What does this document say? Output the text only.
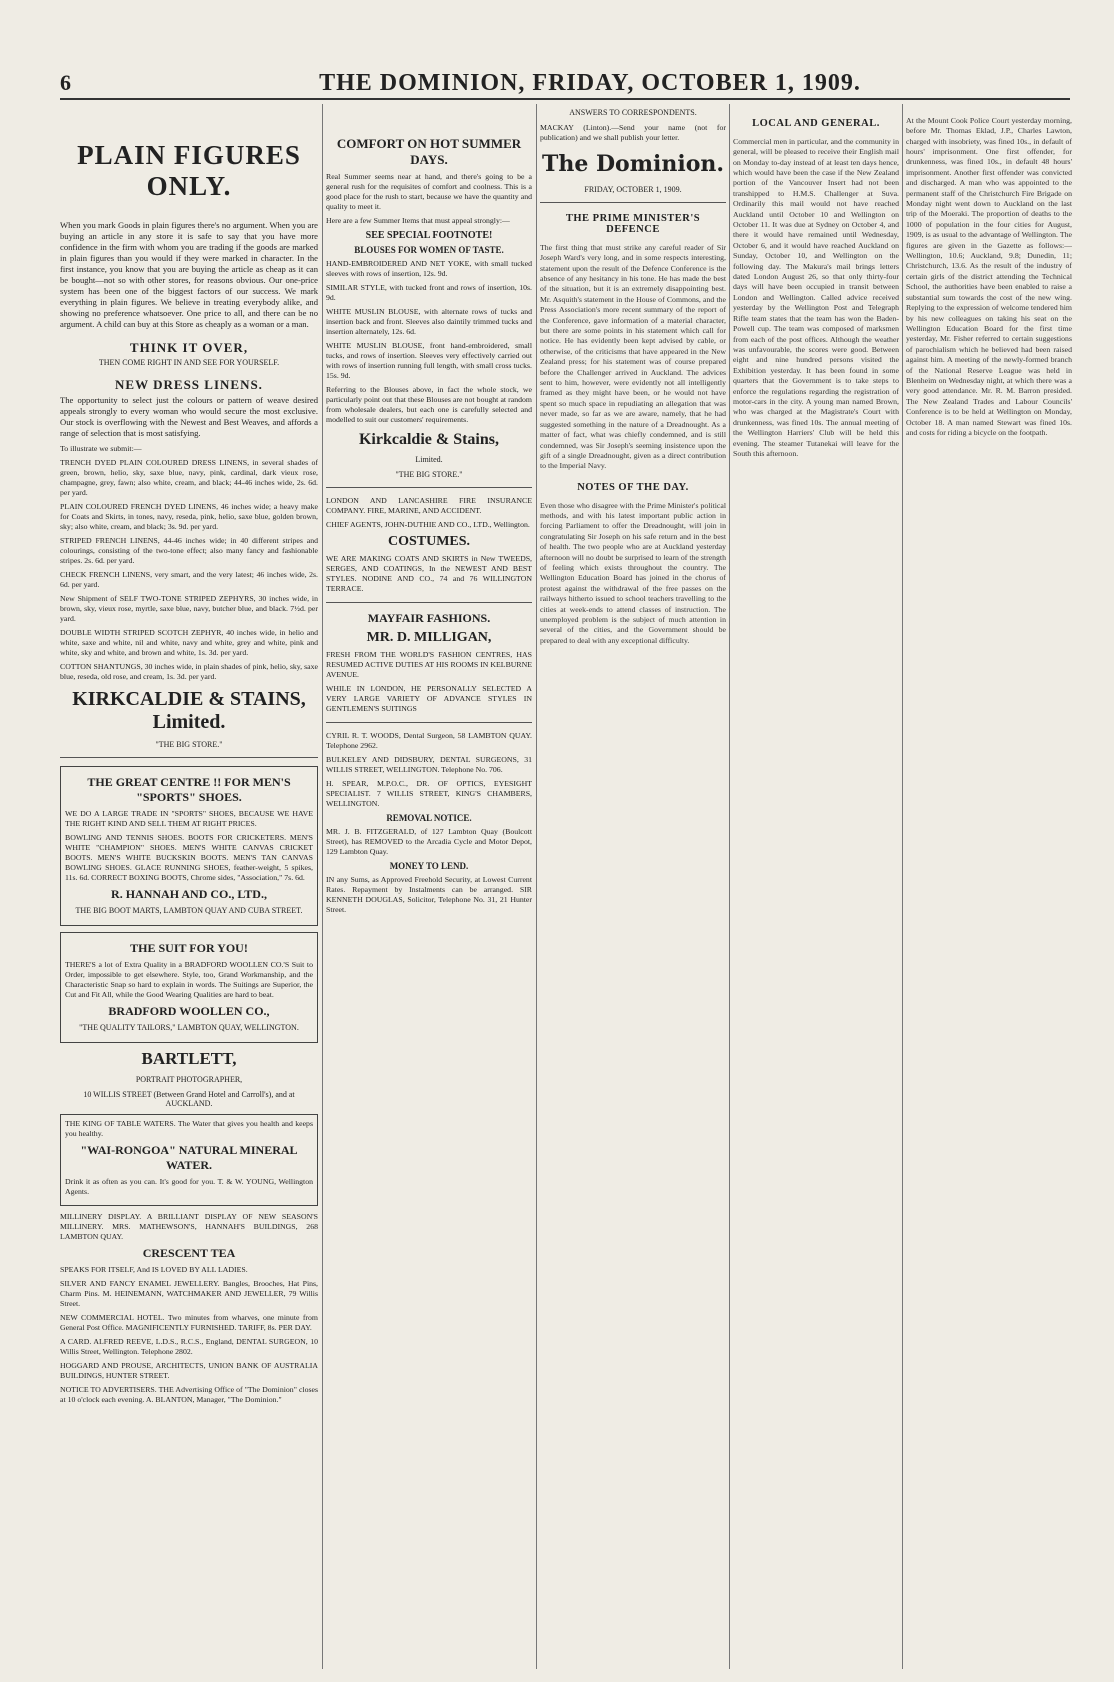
6	THE DOMINION, FRIDAY, OCTOBER 1, 1909.
PLAIN FIGURES ONLY.

When you mark Goods in plain figures there's no argument. When you are buying an article in any store it is safe to say that you have more confidence in the firm with whom you are trading if the goods are marked in plain figures than you would if they were marked in character. In the first instance, you know that you are buying the article as cheap as it can be bought—not so with other stores, for reasons obvious. Our one-price system has been one of the biggest factors of our success. We mark everything in plain figures. We believe in treating everybody alike, and showing no preference whatsoever. One price to all, and there can be no argument. A child can buy at this Store as cheaply as a woman or a man.

THINK IT OVER,
THEN COME RIGHT IN AND SEE FOR YOURSELF.
NEW DRESS LINENS.

The opportunity to select just the colours or pattern of weave desired appeals strongly to every woman who would secure the most exclusive. Our stock is overflowing with the Newest and Best Weaves, and affords a range of selection that is most satisfying.

To illustrate we submit:—

TRENCH DYED PLAIN COLOURED DRESS LINENS, in several shades of green, brown, helio, sky, saxe blue, navy, pink, cardinal, dark vieux rose, champagne, grey, fawn; also white, cream, and black; 44-46 inches wide, 2s. 6d. per yard.

PLAIN COLOURED FRENCH DYED LINENS, 46 inches wide; a heavy make for Coats and Skirts, in tones, navy, reseda, pink, helio, saxe blue, golden brown, sky; also white, cream, and black; 3s. 9d. per yard.

STRIPED FRENCH LINENS, 44-46 inches wide; in 40 different stripes and colourings, consisting of the two-tone effect; also many fancy and fashionable stripes. 2s. 6d. per yard.

CHECK FRENCH LINENS, very smart, and the very latest; 46 inches wide, 2s. 6d. per yard.

New Shipment of SELF TWO-TONE STRIPED ZEPHYRS, 30 inches wide, in brown, sky, vieux rose, myrtle, saxe blue, navy, butcher blue, and black. 7½d. per yard.

DOUBLE WIDTH STRIPED SCOTCH ZEPHYR, 40 inches wide, in helio and white, saxe and white, nil and white, navy and white, grey and white, pink and white, sky and white, and brown and white, 1s. 3d. per yard.

COTTON SHANTUNGS, 30 inches wide, in plain shades of pink, helio, sky, saxe blue, reseda, old rose, and cream, 1s. 3d. per yard.

KIRKCALDIE & STAINS, Limited.
"THE BIG STORE."
THE GREAT CENTRE !! FOR MEN'S "SPORTS" SHOES.

WE DO A LARGE TRADE IN "SPORTS" SHOES, BECAUSE WE HAVE THE RIGHT KIND AND SELL THEM AT RIGHT PRICES.

BOWLING AND TENNIS SHOES. BOOTS FOR CRICKETERS. MEN'S WHITE "CHAMPION" SHOES. MEN'S WHITE CANVAS CRICKET BOOTS. MEN'S WHITE BUCKSKIN BOOTS. MEN'S TAN CANVAS BOWLING SHOES. GLACE RUNNING SHOES, feather-weight, 5 spikes, 11s. 6d. CORRECT BOXING BOOTS, Chrome sides, "Association," 7s. 6d.

R. HANNAH AND CO., LTD.,
THE BIG BOOT MARTS, LAMBTON QUAY AND CUBA STREET.
THE SUIT FOR YOU!

THERE'S a lot of Extra Quality in a BRADFORD WOOLLEN CO.'S Suit to Order, impossible to get elsewhere. Style, too, Grand Workmanship, and the Characteristic Snap so hard to explain in words. The Suitings are Superior, the Cut and Fit All, while the Good Wearing Qualities are hard to beat.

BRADFORD WOOLLEN CO.,
"THE QUALITY TAILORS," LAMBTON QUAY, WELLINGTON.
BARTLETT,
PORTRAIT PHOTOGRAPHER,
10 WILLIS STREET (Between Grand Hotel and Carroll's), and at AUCKLAND.

THE KING OF TABLE WATERS. The Water that gives you health and keeps you healthy.

"WAI-RONGOA" NATURAL MINERAL WATER.

Drink it as often as you can. It's good for you. T. & W. YOUNG, Wellington Agents.

MILLINERY DISPLAY. A BRILLIANT DISPLAY OF NEW SEASON'S MILLINERY. MRS. MATHEWSON'S, HANNAH'S BUILDINGS, 268 LAMBTON QUAY.

CRESCENT TEA

SPEAKS FOR ITSELF, And IS LOVED BY ALL LADIES.

SILVER AND FANCY ENAMEL JEWELLERY. Bangles, Brooches, Hat Pins, Charm Pins. M. HEINEMANN, WATCHMAKER AND JEWELLER, 79 Willis Street.

NEW COMMERCIAL HOTEL. Two minutes from wharves, one minute from General Post Office. MAGNIFICENTLY FURNISHED. TARIFF, 8s. PER DAY.

A CARD. ALFRED REEVE, L.D.S., R.C.S., England, DENTAL SURGEON, 10 Willis Street, Wellington. Telephone 2802.

HOGGARD AND PROUSE, ARCHITECTS, UNION BANK OF AUSTRALIA BUILDINGS, HUNTER STREET.

NOTICE TO ADVERTISERS. THE Advertising Office of "The Dominion" closes at 10 o'clock each evening. A. BLANTON, Manager, "The Dominion."

COMFORT ON HOT SUMMER DAYS.

Real Summer seems near at hand, and there's going to be a general rush for the requisites of comfort and coolness. This is a good place for the rush to start, because we have the quantity and quality to meet it.

Here are a few Summer Items that must appeal strongly:—

SEE SPECIAL FOOTNOTE!
BLOUSES FOR WOMEN OF TASTE.

HAND-EMBROIDERED AND NET YOKE, with small tucked sleeves with rows of insertion, 12s. 9d.

SIMILAR STYLE, with tucked front and rows of insertion, 10s. 9d.

WHITE MUSLIN BLOUSE, with alternate rows of tucks and insertion back and front. Sleeves also daintily trimmed tucks and insertion alternately, 12s. 6d.

WHITE MUSLIN BLOUSE, front hand-embroidered, small tucks, and rows of insertion. Sleeves very effectively carried out with rows of insertion running full length, with small cross tucks. 15s. 9d.

Referring to the Blouses above, in fact the whole stock, we particularly point out that these Blouses are not bought at random from wholesale dealers, but each one is carefully selected and modelled to suit our customers' requirements.

Kirkcaldie & Stains,
Limited.
"THE BIG STORE."

LONDON AND LANCASHIRE FIRE INSURANCE COMPANY. FIRE, MARINE, AND ACCIDENT.

CHIEF AGENTS, JOHN-DUTHIE AND CO., LTD., Wellington.

COSTUMES.

WE ARE MAKING COATS AND SKIRTS in New TWEEDS, SERGES, AND COATINGS, In the NEWEST AND BEST STYLES. NODINE AND CO., 74 and 76 WILLINGTON TERRACE.

MAYFAIR FASHIONS.
MR. D. MILLIGAN,

FRESH FROM THE WORLD'S FASHION CENTRES, HAS RESUMED ACTIVE DUTIES AT HIS ROOMS IN KELBURNE AVENUE.

WHILE IN LONDON, HE PERSONALLY SELECTED A VERY LARGE VARIETY OF ADVANCE STYLES IN GENTLEMEN'S SUITINGS

CYRIL R. T. WOODS, Dental Surgeon, 58 LAMBTON QUAY. Telephone 2962.

BULKELEY AND DIDSBURY, DENTAL SURGEONS, 31 WILLIS STREET, WELLINGTON. Telephone No. 706.

H. SPEAR, M.P.O.C., DR. OF OPTICS, EYESIGHT SPECIALIST. 7 WILLIS STREET, KING'S CHAMBERS, WELLINGTON.

REMOVAL NOTICE.

MR. J. B. FITZGERALD, of 127 Lambton Quay (Boulcott Street), has REMOVED to the Arcadia Cycle and Motor Depot, 129 Lambton Quay.

MONEY TO LEND.

IN any Sums, as Approved Freehold Security, at Lowest Current Rates. Repayment by Instalments can be arranged. SIR KENNETH DOUGLAS, Solicitor, Telephone No. 31, 21 Hunter Street.

ANSWERS TO CORRESPONDENTS.

MACKAY (Linton).—Send your name (not for publication) and we shall publish your letter.

The Dominion.
FRIDAY, OCTOBER 1, 1909.
THE PRIME MINISTER'S DEFENCE

The first thing that must strike any careful reader of Sir Joseph Ward's very long, and in some respects interesting, statement upon the result of the Defence Conference is the absence of any hesitancy in his tone. He has made the best of the situation, but it is an extremely disappointing best. Mr. Asquith's statement in the House of Commons, and the Press Association's more recent summary of the report of the Conference, gave information of a material character, but there are some points in his statement which call for notice. He has evidently been kept advised by cable, or otherwise, of the criticisms that have appeared in the New Zealand press; for his statement was of course prepared before the Challenger arrived in Auckland. The advices sent to him, however, were evidently not all intelligently framed as they might have been, or he would not have spent so much space in repudiating an allegation that was never made, so far as we are aware, namely, that he had suggested something in the nature of a Dreadnought. As a matter of fact, what was chiefly condemned, and is still condemned, was Sir Joseph's seeming insistence upon the gift of a single Dreadnought, given as a direct contribution to the Imperial Navy.

NOTES OF THE DAY.

Even those who disagree with the Prime Minister's political methods, and with his latest important public action in forcing Parliament to offer the Dreadnought, will join in congratulating Sir Joseph on his safe return and in the best of health. The two people who are at Auckland yesterday afternoon will no doubt be surprised to learn of the strength of feeling which exists throughout the country. The Wellington Education Board has joined in the chorus of protest against the withdrawal of the free passes on the railways hitherto issued to school teachers travelling to the cities at week-ends to attend classes of instruction. The unemployed problem is the subject of much attention in several of the cities, and the Government should be prepared to deal with any exceptional difficulty.

LOCAL AND GENERAL.

Commercial men in particular, and the community in general, will be pleased to receive their English mail on Monday to-day instead of at least ten days hence, which would have been the case if the New Zealand portion of the Vancouver Insert had not been transhipped to H.M.S. Challenger at Suva. Ordinarily this mail would not have reached Auckland until October 10 and Wellington on October 11. It was due at Sydney on October 4, and there it would have remained until Wednesday, October 6, and it would have reached Auckland on Sunday, October 10, and Wellington on the following day. The Makura's mail brings letters dated London August 26, so that only thirty-four days will have been occupied in transit between London and Wellington. Called advice received yesterday by the Wellington Post and Telegraph Rifle team states that the team has won the Baden-Powell cup. The team was composed of marksmen from each of the post offices. Although the weather was unfavourable, the scores were good. Between eight and nine hundred persons visited the Exhibition yesterday. It has been found in some quarters that the Government is to take steps to enforce the regulations regarding the registration of motor-cars in the city. A young man named Brown, who was charged at the Magistrate's Court with drunkenness, was fined 10s. The annual meeting of the Wellington Harriers' Club will be held this evening. The steamer Tutanekai will leave for the South this afternoon.

At the Mount Cook Police Court yesterday morning, before Mr. Thomas Eklad, J.P., Charles Lawton, charged with insobriety, was fined 10s., in default of hours' imprisonment. One first offender, for drunkenness, was fined 10s., in default 48 hours' imprisonment. Another first offender was convicted and discharged. A man who was appointed to the permanent staff of the Christchurch Fire Brigade on Monday night went down to Auckland on the last trip of the Moeraki. The proportion of deaths to the 1000 of population in the four cities for August, 1909, is as usual to the advantage of Wellington. The figures are given in the Gazette as follows:—Wellington, 10.6; Auckland, 9.8; Dunedin, 11; Christchurch, 13.6. As the result of the industry of certain girls of the district attending the Technical School, the authorities have been enabled to raise a substantial sum towards the cost of the new wing. Replying to the expression of welcome tendered him by his new colleagues on taking his seat on the Wellington Education Board for the first time yesterday, Mr. Fisher referred to certain suggestions of parochialism which he believed had been raised against him. A meeting of the newly-formed branch of the National Reserve League was held in Blenheim on Wednesday night, at which there was a very good attendance. Mr. R. M. Barron presided. The New Zealand Trades and Labour Councils' Conference is to be held at Wellington on Monday, October 18. A man named Stewart was fined 10s. and costs for riding a bicycle on the footpath.
